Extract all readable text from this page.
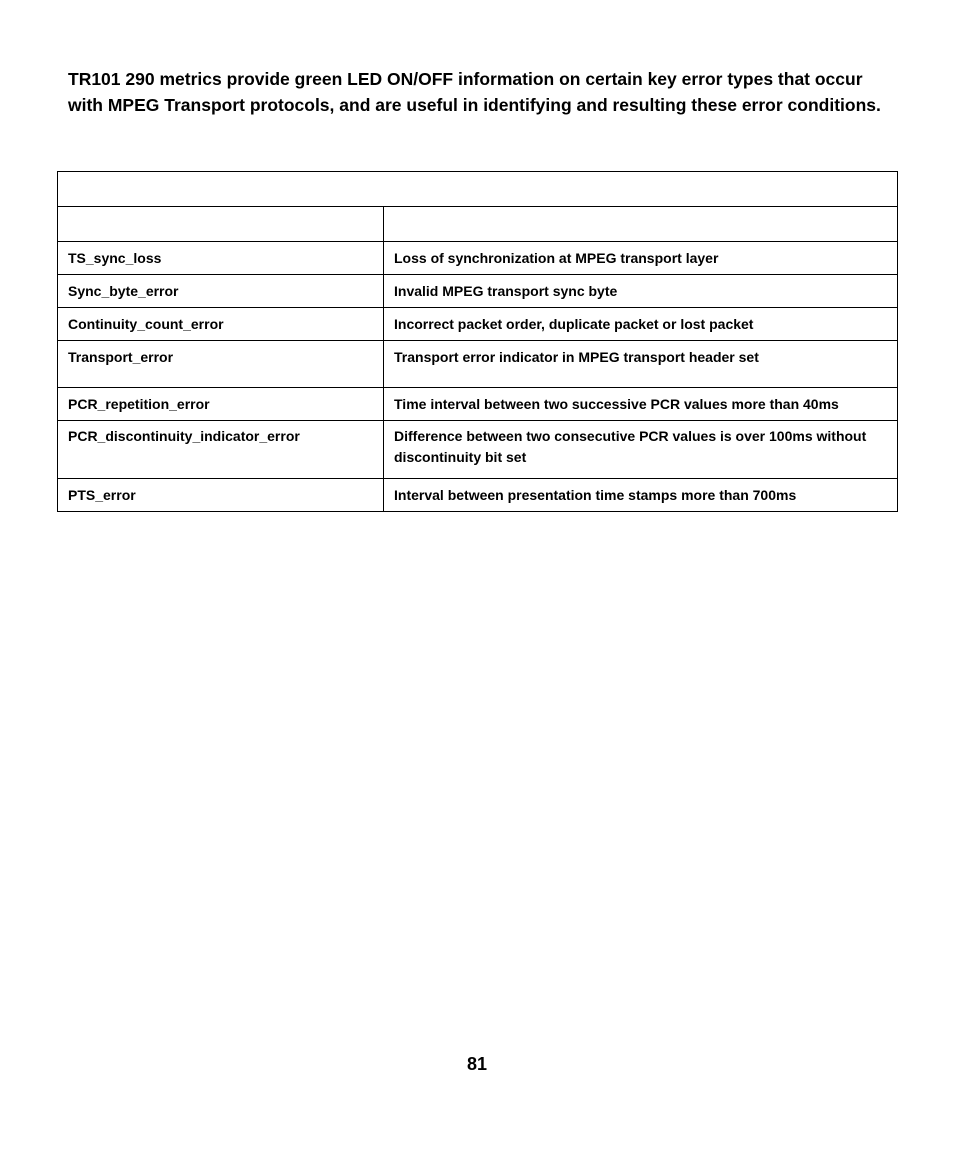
TR101 290 metrics provide green LED ON/OFF information on certain key error types that occur with MPEG Transport protocols, and are useful in identifying and resulting these error conditions.

TS_sync_loss	Loss of synchronization at MPEG transport layer
Sync_byte_error	Invalid MPEG transport sync byte
Continuity_count_error	Incorrect packet order, duplicate packet or lost packet
Transport_error	Transport error indicator in MPEG transport header set
PCR_repetition_error	Time interval between two successive PCR values more than 40ms
PCR_discontinuity_indicator_error	Difference between two consecutive PCR values is over 100ms without discontinuity bit set
PTS_error	Interval between presentation time stamps more than 700ms

81
